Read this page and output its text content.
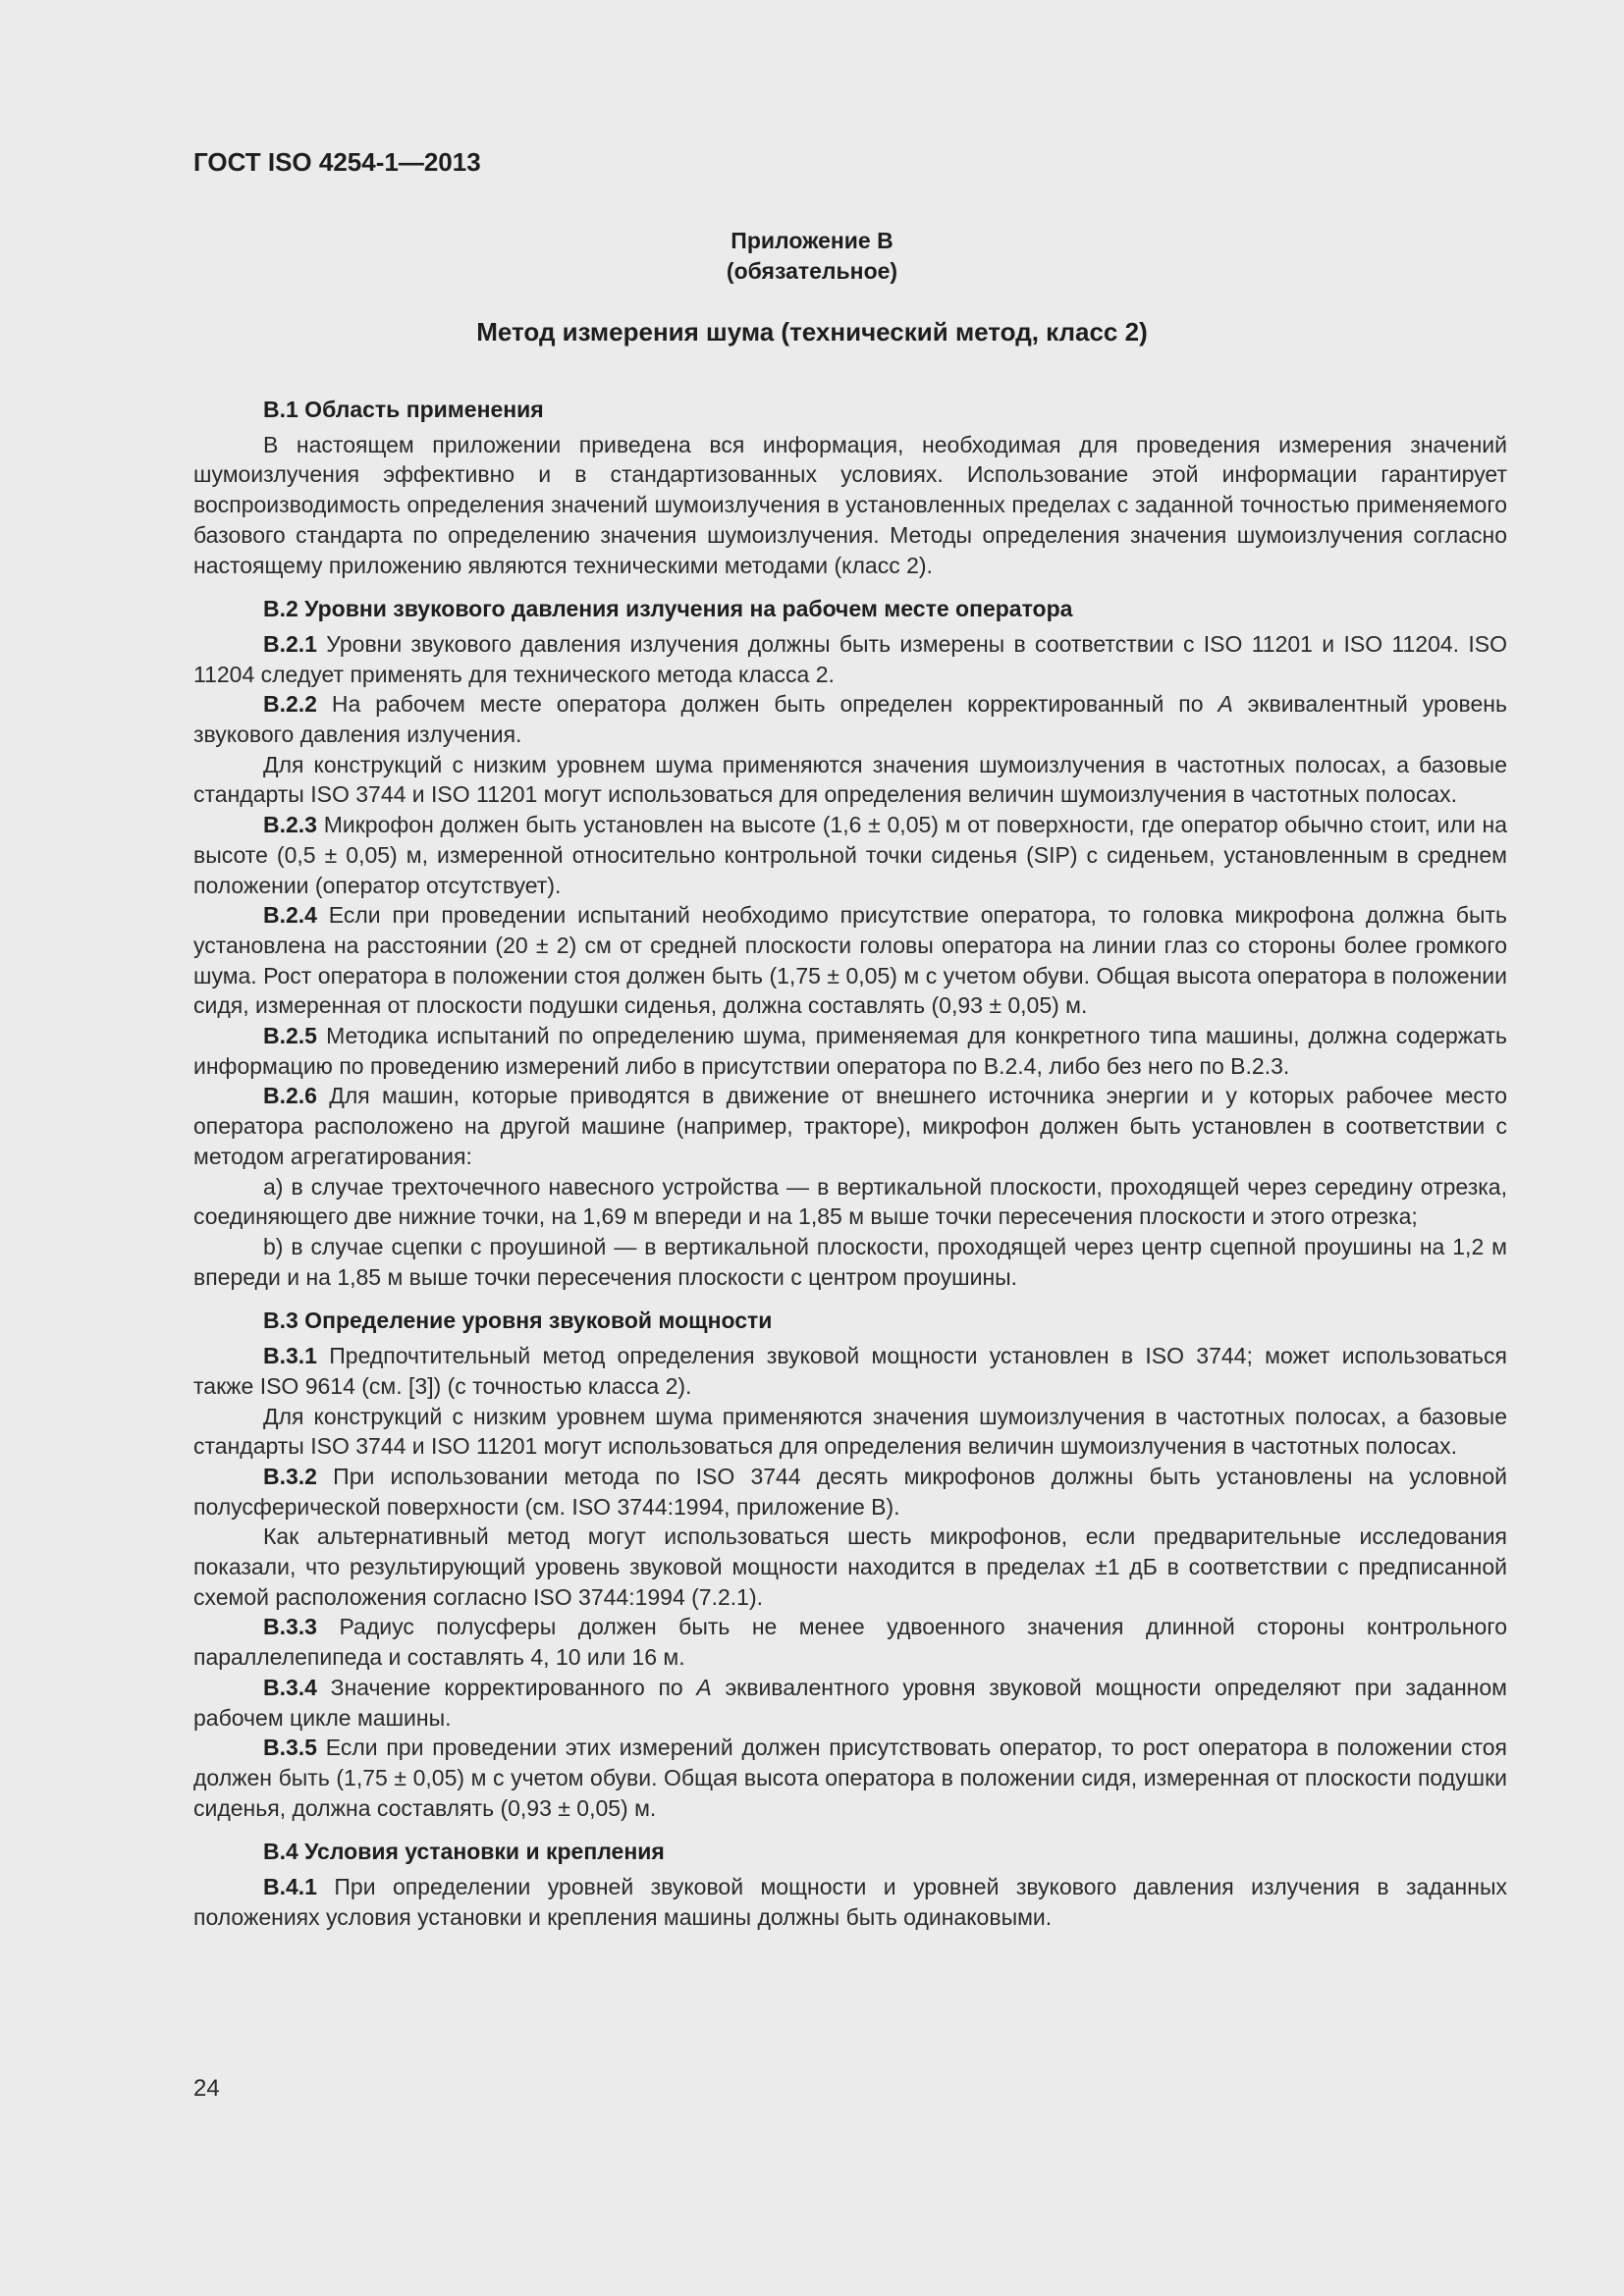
ГОСТ ISO 4254-1—2013
Приложение В
(обязательное)
Метод измерения шума (технический метод, класс 2)
В.1 Область применения

В настоящем приложении приведена вся информация, необходимая для проведения измерения значений шумоизлучения эффективно и в стандартизованных условиях. Использование этой информации гарантирует воспроизводимость определения значений шумоизлучения в установленных пределах с заданной точностью применяемого базового стандарта по определению значения шумоизлучения. Методы определения значения шумоизлучения согласно настоящему приложению являются техническими методами (класс 2).

В.2 Уровни звукового давления излучения на рабочем месте оператора

В.2.1 Уровни звукового давления излучения должны быть измерены в соответствии с ISO 11201 и ISO 11204. ISO 11204 следует применять для технического метода класса 2.

В.2.2 На рабочем месте оператора должен быть определен корректированный по А эквивалентный уровень звукового давления излучения.

Для конструкций с низким уровнем шума применяются значения шумоизлучения в частотных полосах, а базовые стандарты ISO 3744 и ISO 11201 могут использоваться для определения величин шумоизлучения в частотных полосах.

В.2.3 Микрофон должен быть установлен на высоте (1,6 ± 0,05) м от поверхности, где оператор обычно стоит, или на высоте (0,5 ± 0,05) м, измеренной относительно контрольной точки сиденья (SIP) с сиденьем, установленным в среднем положении (оператор отсутствует).

В.2.4 Если при проведении испытаний необходимо присутствие оператора, то головка микрофона должна быть установлена на расстоянии (20 ± 2) см от средней плоскости головы оператора на линии глаз со стороны более громкого шума. Рост оператора в положении стоя должен быть (1,75 ± 0,05) м с учетом обуви. Общая высота оператора в положении сидя, измеренная от плоскости подушки сиденья, должна составлять (0,93 ± 0,05) м.

В.2.5 Методика испытаний по определению шума, применяемая для конкретного типа машины, должна содержать информацию по проведению измерений либо в присутствии оператора по В.2.4, либо без него по В.2.3.

В.2.6 Для машин, которые приводятся в движение от внешнего источника энергии и у которых рабочее место оператора расположено на другой машине (например, тракторе), микрофон должен быть установлен в соответствии с методом агрегатирования:

a) в случае трехточечного навесного устройства — в вертикальной плоскости, проходящей через середину отрезка, соединяющего две нижние точки, на 1,69 м впереди и на 1,85 м выше точки пересечения плоскости и этого отрезка;

b) в случае сцепки с проушиной — в вертикальной плоскости, проходящей через центр сцепной проушины на 1,2 м впереди и на 1,85 м выше точки пересечения плоскости с центром проушины.

В.3 Определение уровня звуковой мощности

В.3.1 Предпочтительный метод определения звуковой мощности установлен в ISO 3744; может использоваться также ISO 9614 (см. [3]) (с точностью класса 2).

Для конструкций с низким уровнем шума применяются значения шумоизлучения в частотных полосах, а базовые стандарты ISO 3744 и ISO 11201 могут использоваться для определения величин шумоизлучения в частотных полосах.

В.3.2 При использовании метода по ISO 3744 десять микрофонов должны быть установлены на условной полусферической поверхности (см. ISO 3744:1994, приложение В).

Как альтернативный метод могут использоваться шесть микрофонов, если предварительные исследования показали, что результирующий уровень звуковой мощности находится в пределах ±1 дБ в соответствии с предписанной схемой расположения согласно ISO 3744:1994 (7.2.1).

В.3.3 Радиус полусферы должен быть не менее удвоенного значения длинной стороны контрольного параллелепипеда и составлять 4, 10 или 16 м.

В.3.4 Значение корректированного по А эквивалентного уровня звуковой мощности определяют при заданном рабочем цикле машины.

В.3.5 Если при проведении этих измерений должен присутствовать оператор, то рост оператора в положении стоя должен быть (1,75 ± 0,05) м с учетом обуви. Общая высота оператора в положении сидя, измеренная от плоскости подушки сиденья, должна составлять (0,93 ± 0,05) м.

В.4 Условия установки и крепления

В.4.1 При определении уровней звуковой мощности и уровней звукового давления излучения в заданных положениях условия установки и крепления машины должны быть одинаковыми.

24
